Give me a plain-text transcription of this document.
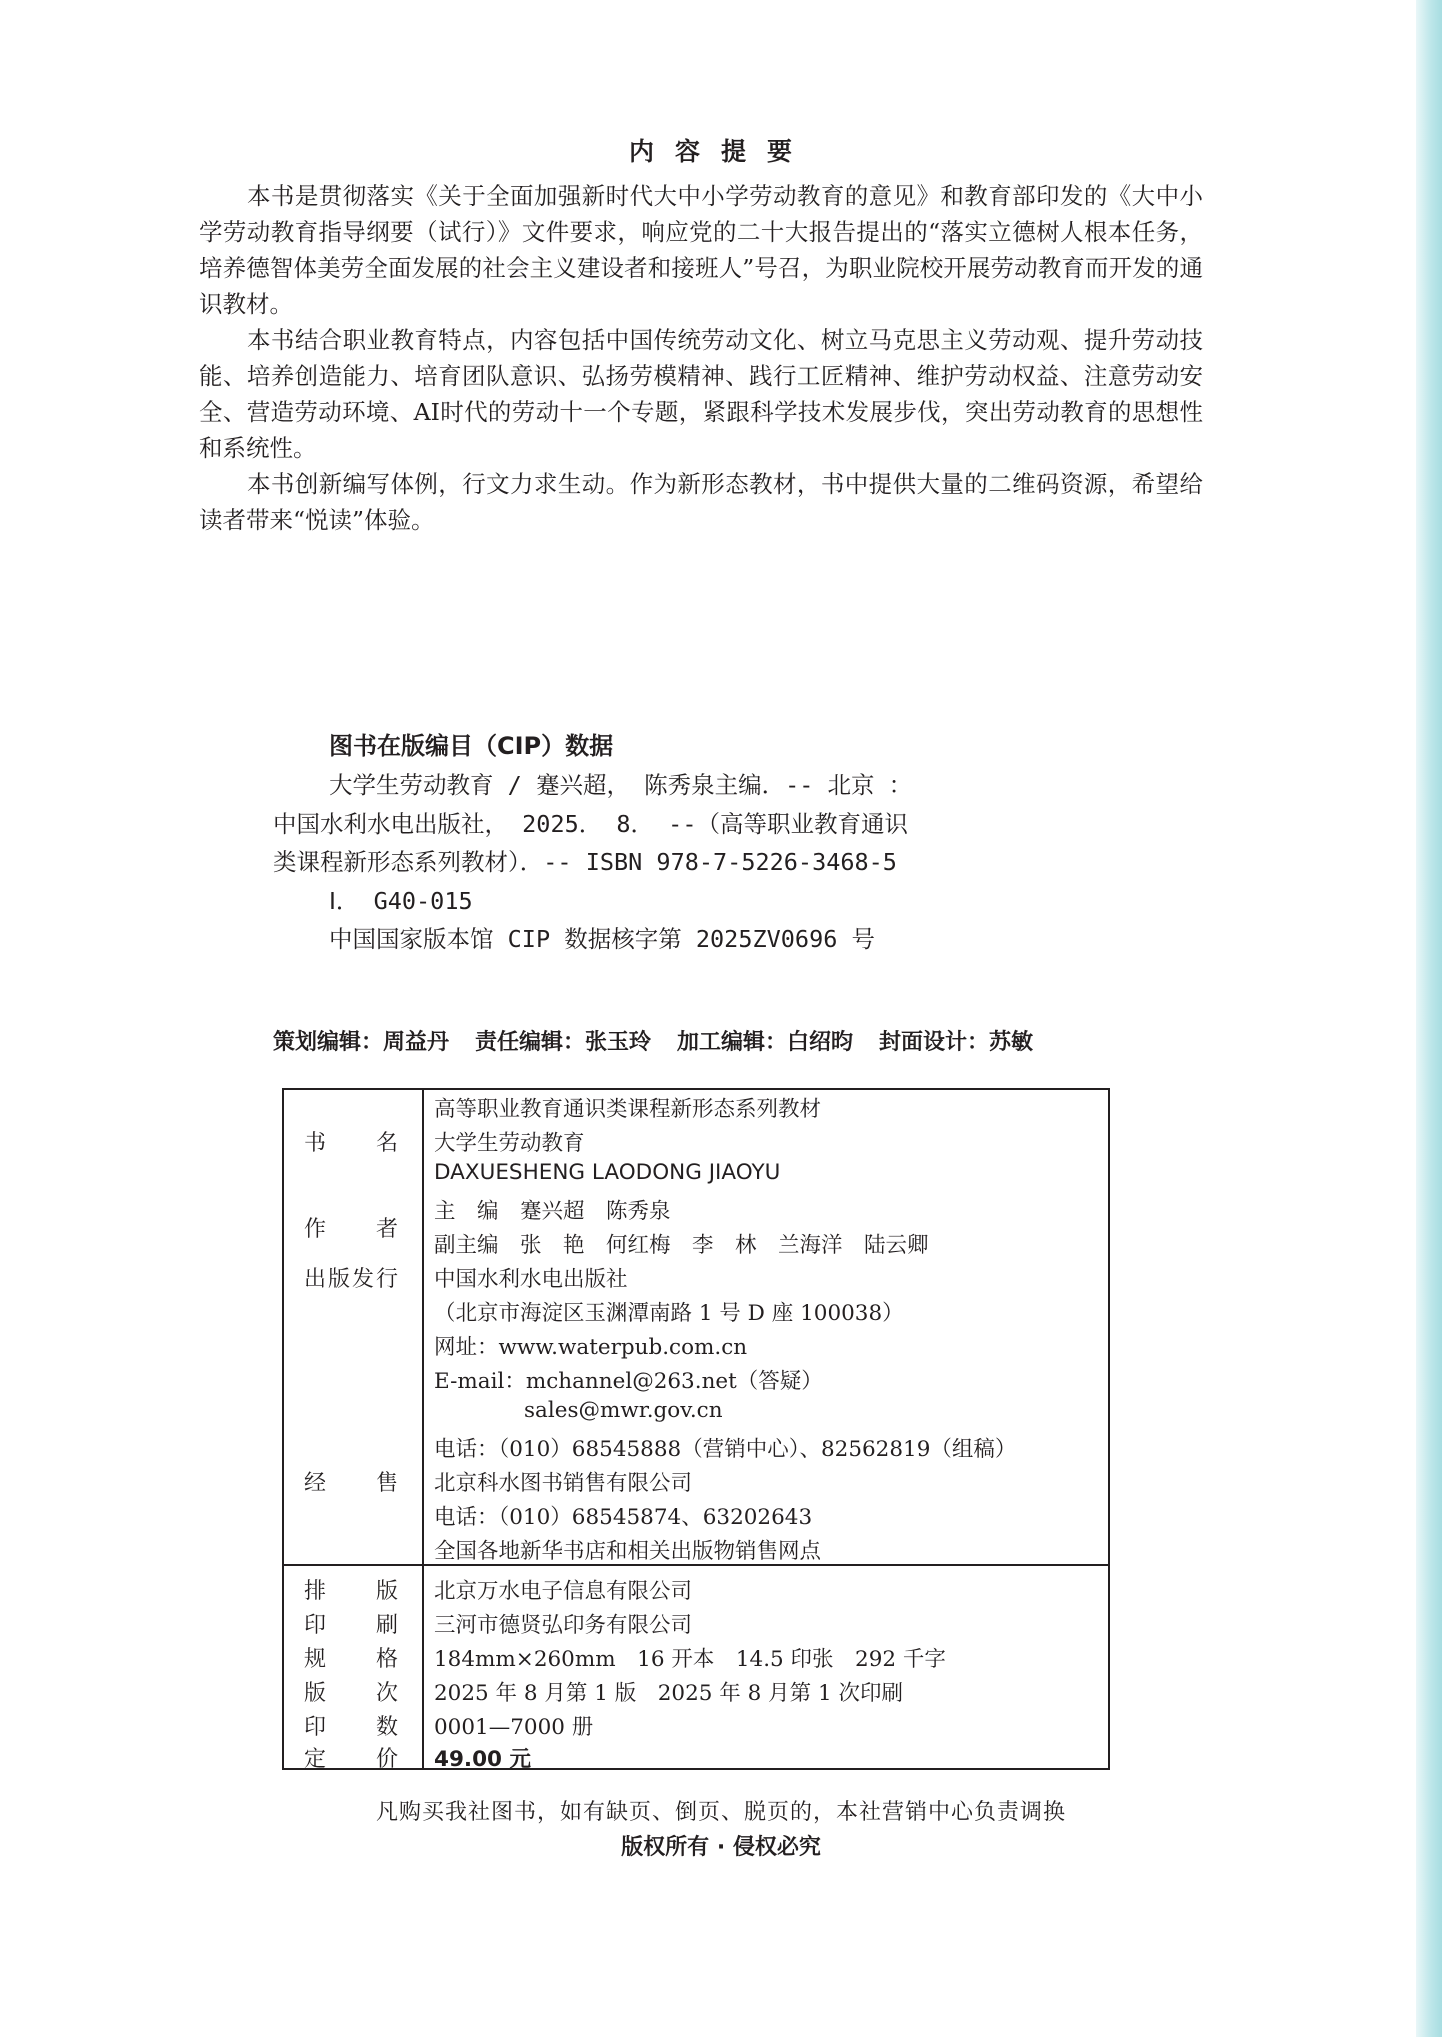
内容提要

本书是贯彻落实《关于全面加强新时代大中小学劳动教育的意见》和教育部印发的《大中小学劳动教育指导纲要（试行）》文件要求，响应党的二十大报告提出的“落实立德树人根本任务，培养德智体美劳全面发展的社会主义建设者和接班人”号召，为职业院校开展劳动教育而开发的通识教材。

本书结合职业教育特点，内容包括中国传统劳动文化、树立马克思主义劳动观、提升劳动技能、培养创造能力、培育团队意识、弘扬劳模精神、践行工匠精神、维护劳动权益、注意劳动安全、营造劳动环境、AI时代的劳动十一个专题，紧跟科学技术发展步伐，突出劳动教育的思想性和系统性。

本书创新编写体例，行文力求生动。作为新形态教材，书中提供大量的二维码资源，希望给读者带来“悦读”体验。

图书在版编目（CIP）数据
大学生劳动教育 / 蹇兴超， 陈秀泉主编．-- 北京 ：
中国水利水电出版社， 2025． 8． --（高等职业教育通识
类课程新形态系列教材）．-- ISBN 978-7-5226-3468-5
Ⅰ． G40-015
中国国家版本馆 CIP 数据核字第 2025ZV0696 号
策划编辑：周益丹 责任编辑：张玉玲 加工编辑：白绍昀 封面设计：苏敏
书名
作者
出版发行
经售
排版
印刷
规格
版次
印数
定价
高等职业教育通识类课程新形态系列教材
大学生劳动教育
DAXUESHENG LAODONG JIAOYU
主　编　蹇兴超　陈秀泉
副主编　张　艳　何红梅　李　林　兰海洋　陆云卿
中国水利水电出版社
（北京市海淀区玉渊潭南路 1 号 D 座 100038）
网址：www.waterpub.com.cn
E-mail：mchannel@263.net（答疑）
sales@mwr.gov.cn
电话：（010）68545888（营销中心）、82562819（组稿）
北京科水图书销售有限公司
电话：（010）68545874、63202643
全国各地新华书店和相关出版物销售网点
北京万水电子信息有限公司
三河市德贤弘印务有限公司
184mm×260mm　16 开本　14.5 印张　292 千字
2025 年 8 月第 1 版　2025 年 8 月第 1 次印刷
0001—7000 册
49.00 元
凡购买我社图书，如有缺页、倒页、脱页的，本社营销中心负责调换
版权所有 · 侵权必究
